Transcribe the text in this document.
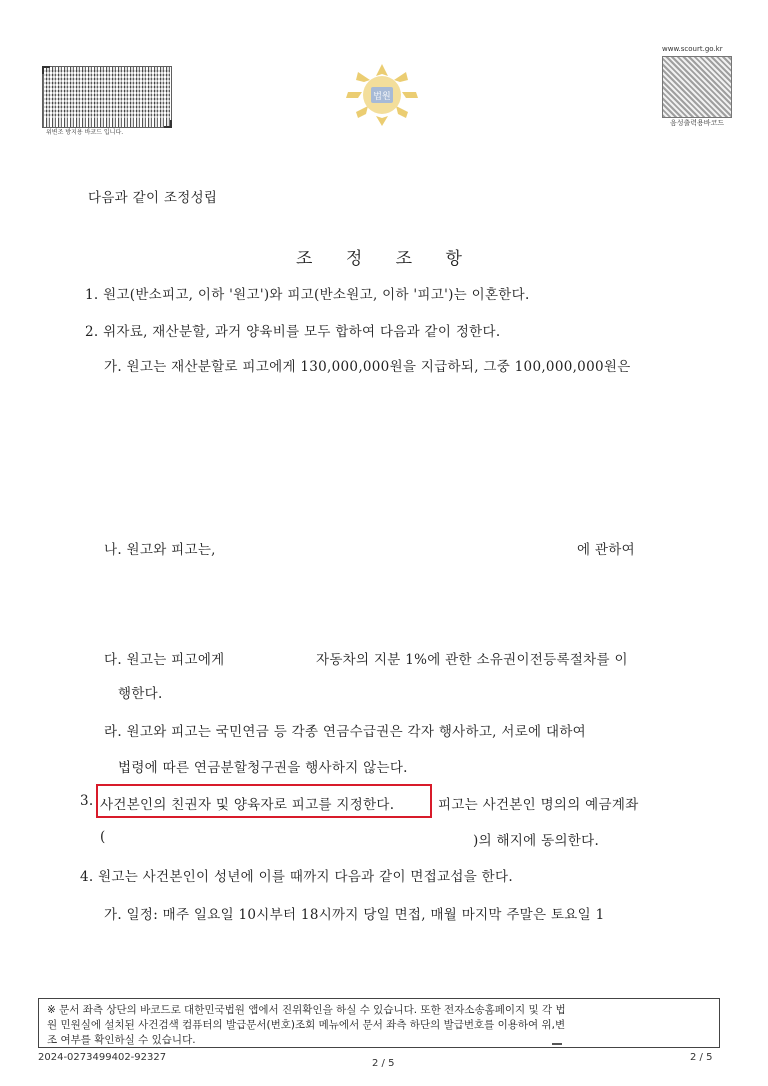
위변조 방지용 바코드 입니다.
법원
www.scourt.go.kr
음성출력용바코드
다음과 같이 조정성립
조 정 조 항
1. 원고(반소피고, 이하 '원고')와 피고(반소원고, 이하 '피고')는 이혼한다.
2. 위자료, 재산분할, 과거 양육비를 모두 합하여 다음과 같이 정한다.
가. 원고는 재산분할로 피고에게 130,000,000원을 지급하되, 그중 100,000,000원은
나. 원고와 피고는,	에 관하여
다. 원고는 피고에게	자동차의 지분 1%에 관한 소유권이전등록절차를 이
행한다.
라. 원고와 피고는 국민연금 등 각종 연금수급권은 각자 행사하고, 서로에 대하여
법령에 따른 연금분할청구권을 행사하지 않는다.
3. 사건본인의 친권자 및 양육자로 피고를 지정한다.	피고는 사건본인 명의의 예금계좌
(	)의 해지에 동의한다.
4. 원고는 사건본인이 성년에 이를 때까지 다음과 같이 면접교섭을 한다.
가. 일정: 매주 일요일 10시부터 18시까지 당일 면접, 매월 마지막 주말은 토요일 1
※ 문서 좌측 상단의 바코드로 대한민국법원 앱에서 진위확인을 하실 수 있습니다. 또한 전자소송홈페이지 및 각 법
원 민원실에 설치된 사건검색 컴퓨터의 발급문서(번호)조회 메뉴에서 문서 좌측 하단의 발급번호를 이용하여 위,변
조 여부를 확인하실 수 있습니다.
2024-0273499402-92327
2 / 5
2 / 5
